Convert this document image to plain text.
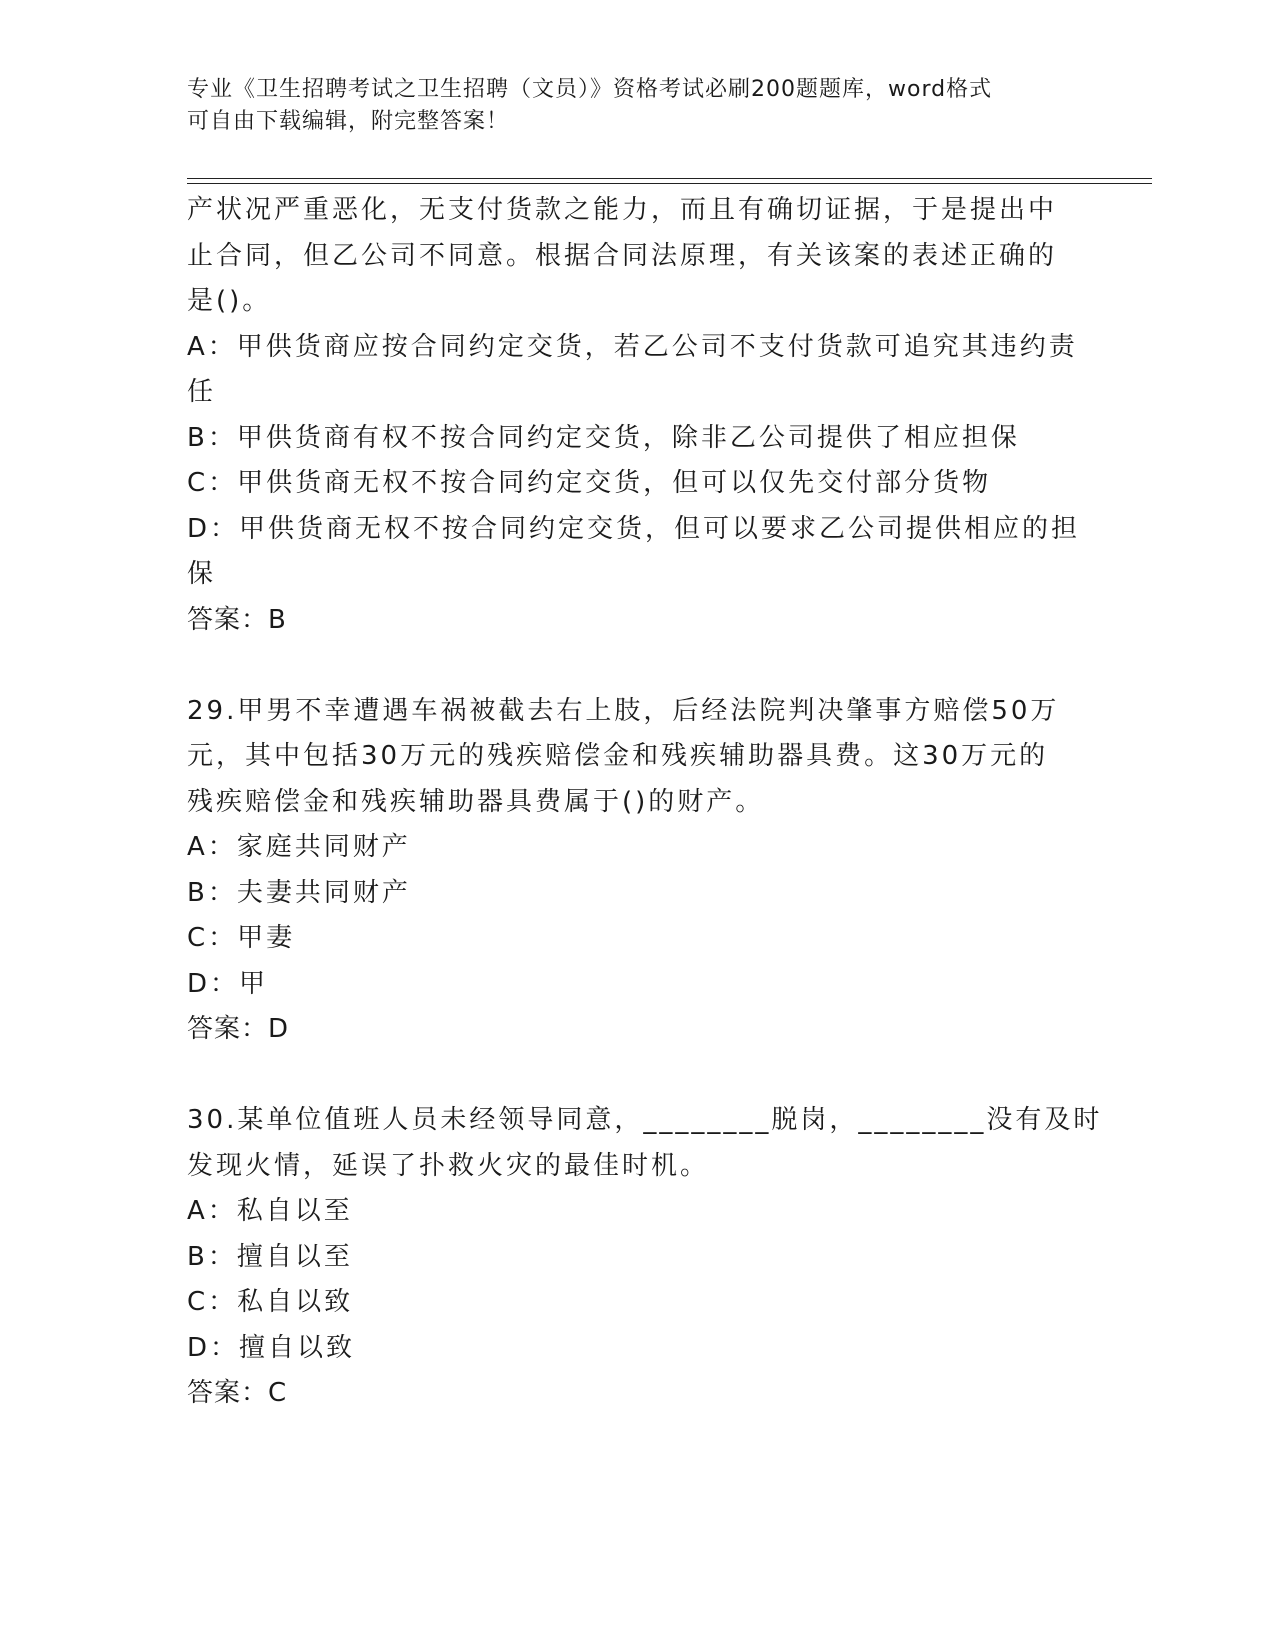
专业《卫生招聘考试之卫生招聘（文员）》资格考试必刷200题题库，word格式
可自由下载编辑，附完整答案！
产状况严重恶化，无支付货款之能力，而且有确切证据，于是提出中
止合同，但乙公司不同意。根据合同法原理，有关该案的表述正确的
是()。
A：甲供货商应按合同约定交货，若乙公司不支付货款可追究其违约责
任
B：甲供货商有权不按合同约定交货，除非乙公司提供了相应担保
C：甲供货商无权不按合同约定交货，但可以仅先交付部分货物
D：甲供货商无权不按合同约定交货，但可以要求乙公司提供相应的担
保
答案：B
29.甲男不幸遭遇车祸被截去右上肢，后经法院判决肇事方赔偿50万
元，其中包括30万元的残疾赔偿金和残疾辅助器具费。这30万元的
残疾赔偿金和残疾辅助器具费属于()的财产。
A：家庭共同财产
B：夫妻共同财产
C：甲妻
D：甲
答案：D
30.某单位值班人员未经领导同意，________脱岗，________没有及时
发现火情，延误了扑救火灾的最佳时机。
A：私自以至
B：擅自以至
C：私自以致
D：擅自以致
答案：C
